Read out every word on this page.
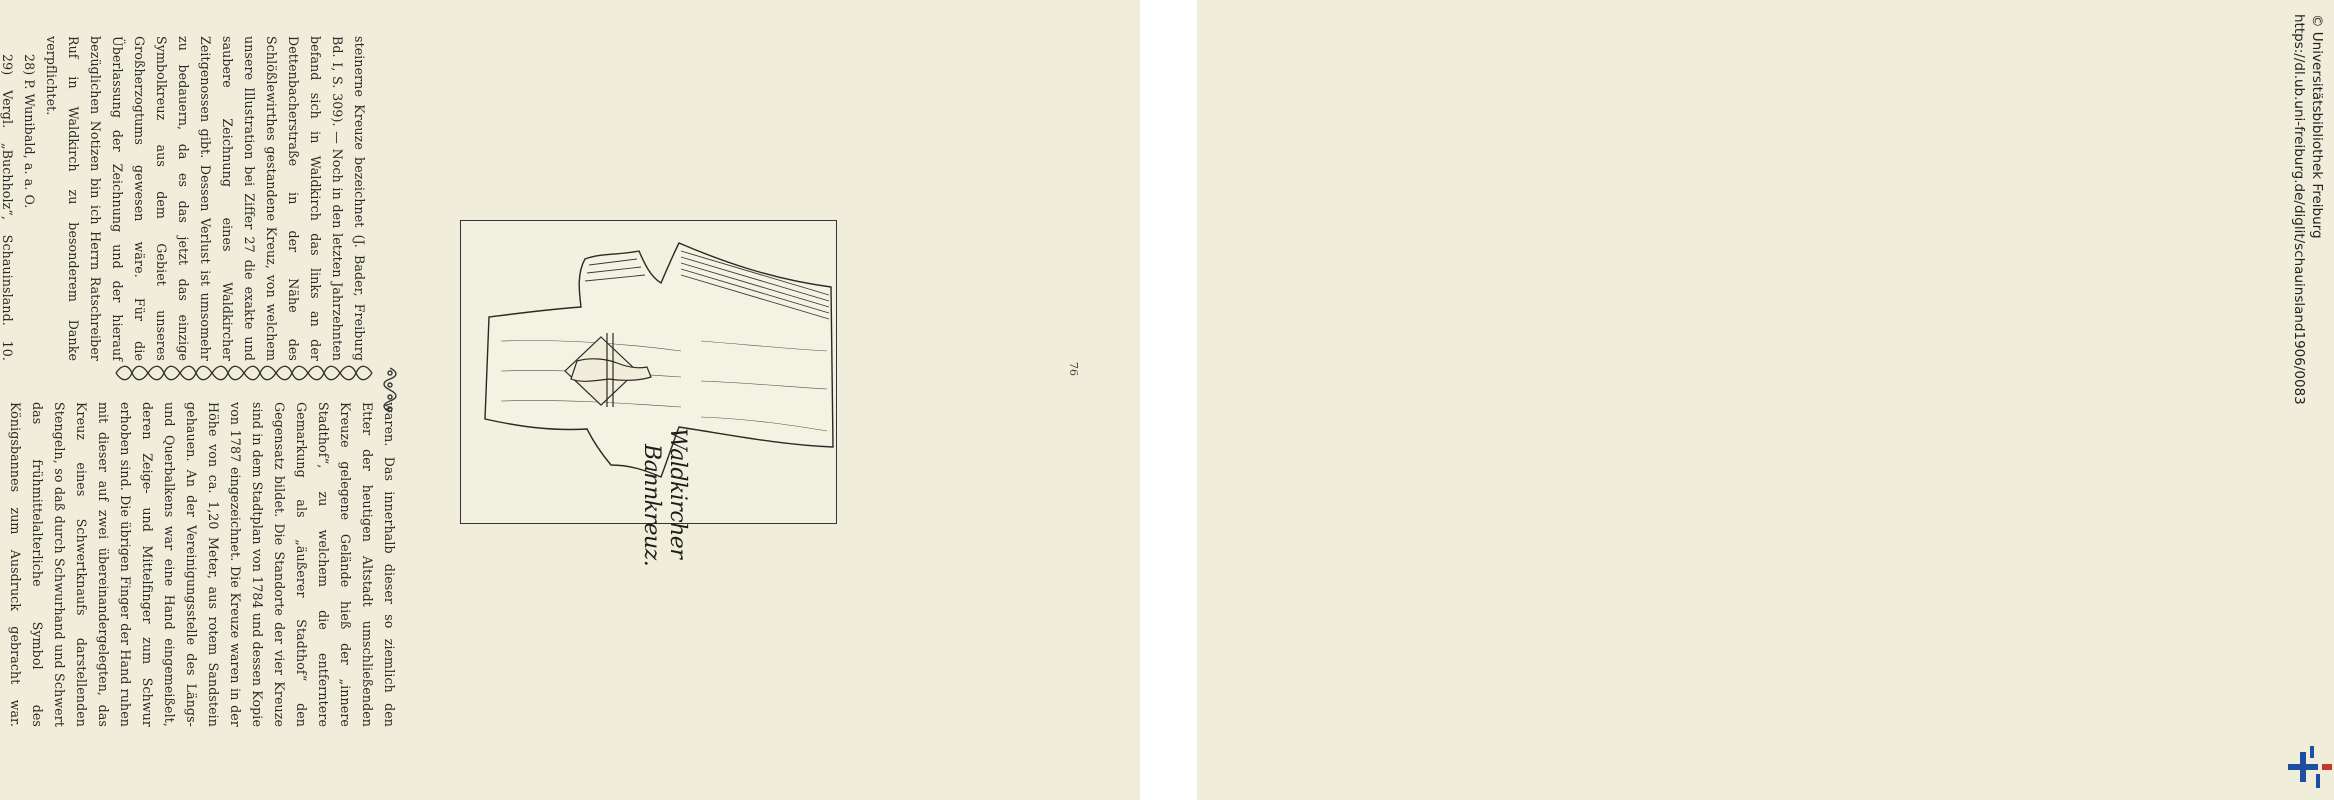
waren. Das innerhalb dieser so ziemlich den Etter der heutigen Altstadt umschließenden Kreuze gelegene Gelände hieß der „innere Stadthof“, zu welchem die entferntere Gemarkung als „äußerer Stadthof“ den Gegensatz bildet. Die Standorte der vier Kreuze sind in dem Stadtplan von 1784 und dessen Kopie von 1787 eingezeichnet. Die Kreuze waren in der Höhe von ca. 1,20 Meter, aus rotem Sandstein gehauen. An der Vereinigungsstelle des Längs- und Querbalkens war eine Hand eingemeißelt, deren Zeige- und Mittelfinger zum Schwur erhoben sind. Die übrigen Finger der Hand ruhen mit dieser auf zwei übereinandergelegten, das Kreuz eines Schwertknaufs darstellenden Stengeln, so daß durch Schwurhand und Schwert das frühmittelalterliche Symbol des Königsbannes zum Ausdruck gebracht war.

steinerne Kreuze bezeichnet (J. Bader, Freiburg Bd. I, S. 309). — Noch in den letzten Jahrzehnten befand sich in Waldkirch das links an der Dettenbacherstraße in der Nähe des Schlößlewirthes gestandene Kreuz, von welchem unsere Illustration bei Ziffer 27 die exakte und saubere Zeichnung eines Waldkircher Zeitgenossen gibt. Dessen Verlust ist umsomehr zu bedauern, da es das jetzt das einzige Symbolkreuz aus dem Gebiet unseres Großherzogtums gewesen wäre. Für die Überlassung der Zeichnung und der hierauf bezüglichen Notizen bin ich Herrn Ratschreiber Ruf in Waldkirch zu besonderem Danke verpflichtet.

28) P. Wunibald, a. a. O.

29) Vergl. „Buchholz“, Schauinsland. 10.

Waldkircher
Bannkreuz.
76	https://dl.ub.uni-freiburg.de/diglit/schauinsland1906/0083 © Universitätsbibliothek Freiburg
